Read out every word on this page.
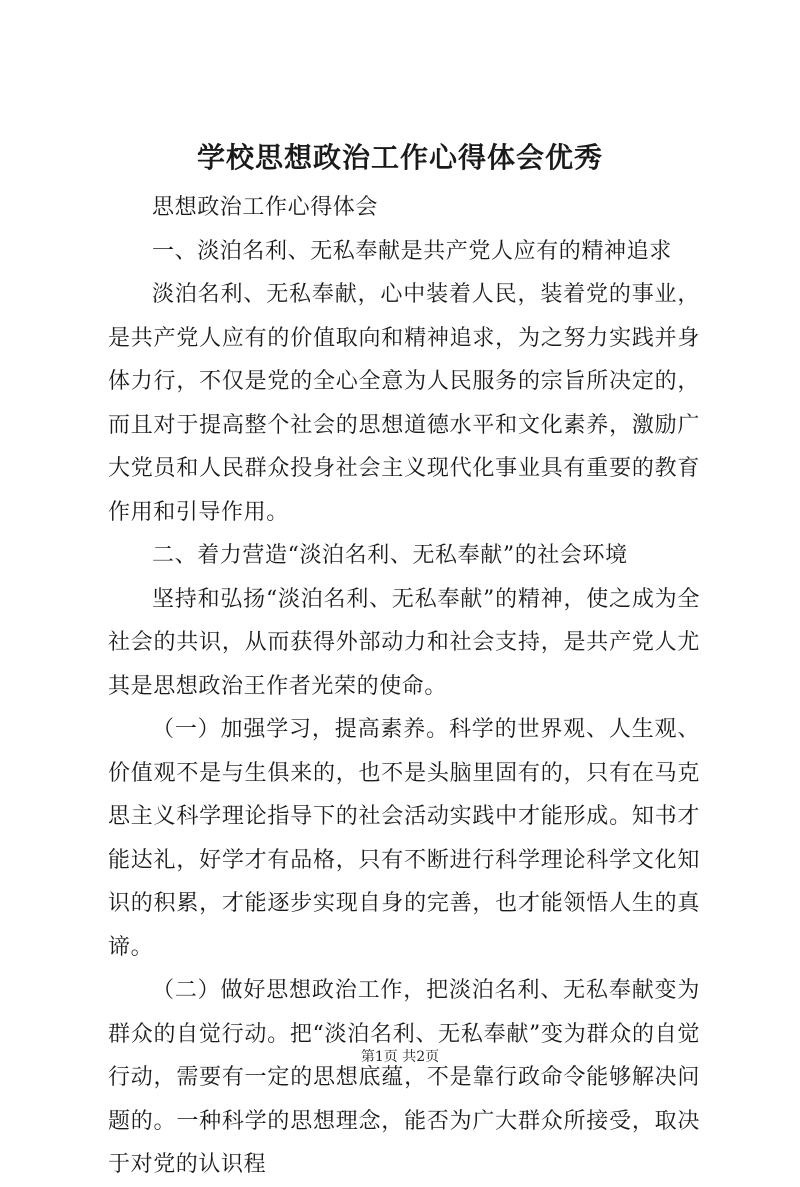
学校思想政治工作心得体会优秀

思想政治工作心得体会

一、淡泊名利、无私奉献是共产党人应有的精神追求

淡泊名利、无私奉献，心中装着人民，装着党的事业，是共产党人应有的价值取向和精神追求，为之努力实践并身体力行，不仅是党的全心全意为人民服务的宗旨所决定的，而且对于提高整个社会的思想道德水平和文化素养，激励广大党员和人民群众投身社会主义现代化事业具有重要的教育作用和引导作用。

二、着力营造“淡泊名利、无私奉献”的社会环境

坚持和弘扬“淡泊名利、无私奉献”的精神，使之成为全社会的共识，从而获得外部动力和社会支持，是共产党人尤其是思想政治王作者光荣的使命。

（一）加强学习，提高素养。科学的世界观、人生观、价值观不是与生俱来的，也不是头脑里固有的，只有在马克思主义科学理论指导下的社会活动实践中才能形成。知书才能达礼，好学才有品格，只有不断进行科学理论科学文化知识的积累，才能逐步实现自身的完善，也才能领悟人生的真谛。

（二）做好思想政治工作，把淡泊名利、无私奉献变为群众的自觉行动。把“淡泊名利、无私奉献”变为群众的自觉行动，需要有一定的思想底蕴，不是靠行政命令能够解决问题的。一种科学的思想理念，能否为广大群众所接受，取决于对党的认识程

第1页 共2页
